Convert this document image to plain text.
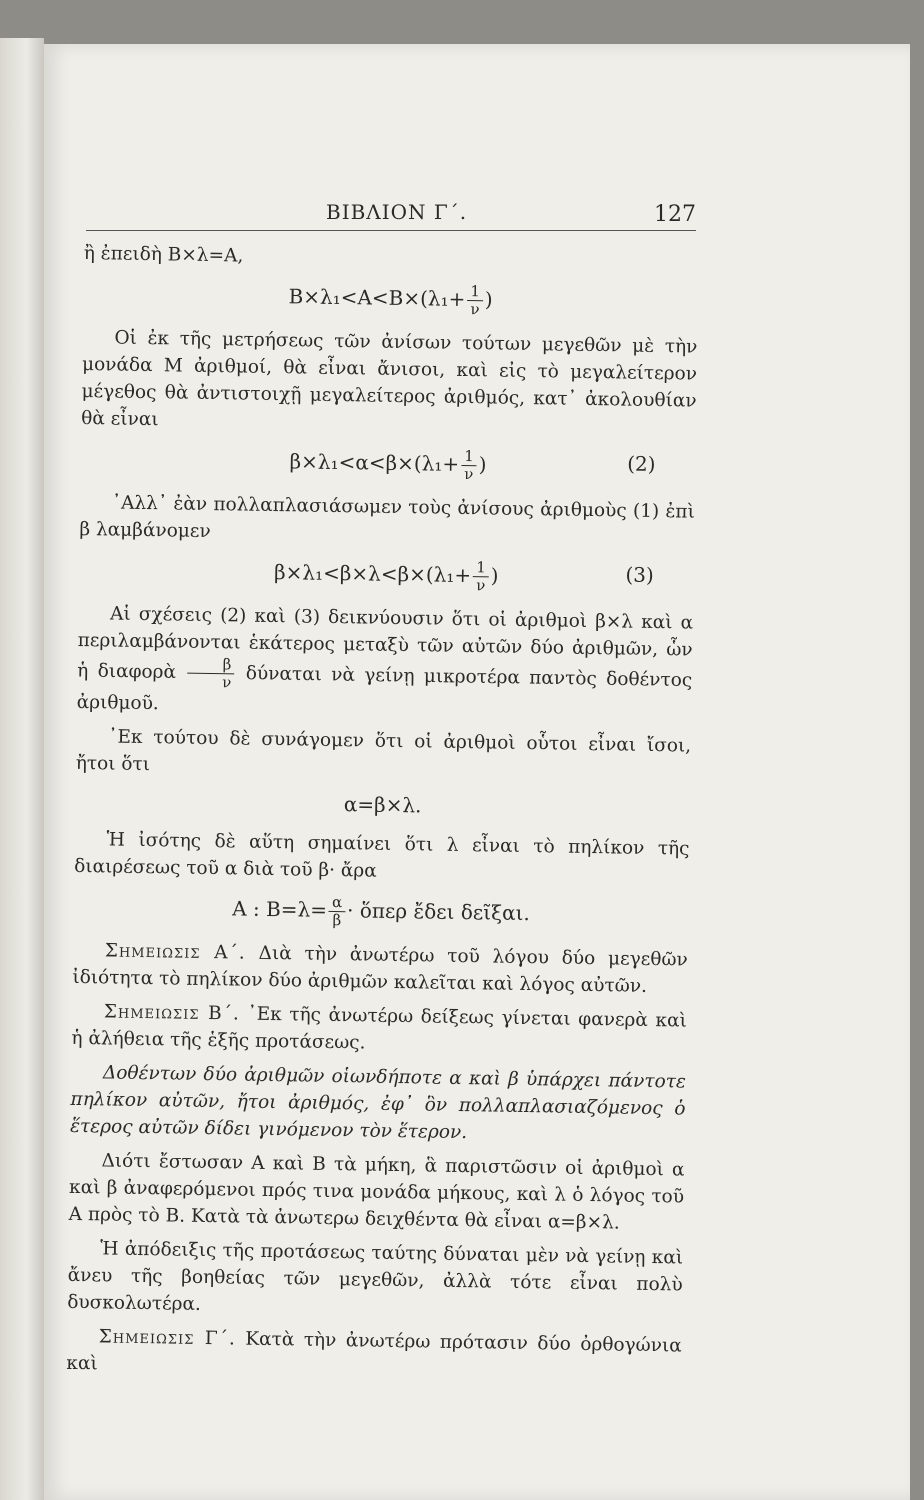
ΒΙΒΛΙΟΝ Γ΄.	127

ἢ ἐπειδὴ Β×λ=Α,

$B\times\lambda_1<A<B\times(\lambda_1+ \frac{1}{\nu}$ )

Οἱ ἐκ τῆς μετρήσεως τῶν ἀνίσων τούτων μεγεθῶν μὲ τὴν μονάδα Μ ἀριθμοί, θὰ εἶναι ἄνισοι, καὶ εἰς τὸ μεγαλείτερον μέγεθος θὰ ἀντιστοιχῇ μεγαλείτερος ἀριθμός, κατ᾽ ἀκολουθίαν θὰ εἶναι

$\beta\times\lambda_1<\alpha<\beta\times(\lambda_1+ \frac{1}{\nu}$ )	(2)

᾽Αλλ᾽ ἐὰν πολλαπλασιάσωμεν τοὺς ἀνίσους ἀριθμοὺς (1) ἐπὶ β λαμβάνομεν

$\beta\times\lambda_1<\beta\times\lambda<\beta\times(\lambda_1+ \frac{1}{\nu}$ )	(3)

Αἱ σχέσεις (2) καὶ (3) δεικνύουσιν ὅτι οἱ ἀριθμοὶ β×λ καὶ α περιλαμβάνονται ἑκάτερος μεταξὺ τῶν αὐτῶν δύο ἀριθμῶν, ὧν ἡ διαφορὰ $\frac{\beta}{\nu}$ δύναται νὰ γείνῃ μικροτέρα παντὸς δοθέντος ἀριθμοῦ.

᾽Εκ τούτου δὲ συνάγομεν ὅτι οἱ ἀριθμοὶ οὗτοι εἶναι ἴσοι, ἤτοι ὅτι

α=β×λ.

Ἡ ἰσότης δὲ αὕτη σημαίνει ὅτι λ εἶναι τὸ πηλίκον τῆς διαιρέσεως τοῦ α διὰ τοῦ β· ἄρα

Α : $B=\lambda= \frac{\alpha}{\beta}$ · ὅπερ ἔδει δεῖξαι.

Σημειωσις Α΄. Διὰ τὴν ἀνωτέρω τοῦ λόγου δύο μεγεθῶν ἰδιότητα τὸ πηλίκον δύο ἀριθμῶν καλεῖται καὶ λόγος αὐτῶν.

Σημειωσις Β΄. ᾽Εκ τῆς ἀνωτέρω δείξεως γίνεται φανερὰ καὶ ἡ ἀλήθεια τῆς ἑξῆς προτάσεως.

Δοθέντων δύο ἀριθμῶν οἱωνδήποτε α καὶ β ὑπάρχει πάντοτε πηλίκον αὐτῶν, ἤτοι ἀριθμός, ἐφ᾽ ὃν πολλαπλασιαζόμενος ὁ ἕτερος αὐτῶν δίδει γινόμενον τὸν ἕτερον.

Διότι ἔστωσαν Α καὶ Β τὰ μήκη, ἃ παριστῶσιν οἱ ἀριθμοὶ α καὶ β ἀναφερόμενοι πρός τινα μονάδα μήκους, καὶ λ ὁ λόγος τοῦ Α πρὸς τὸ Β. Κατὰ τὰ ἀνωτερω δειχθέντα θὰ εἶναι α=β×λ.

Ἡ ἀπόδειξις τῆς προτάσεως ταύτης δύναται μὲν νὰ γείνῃ καὶ ἄνευ τῆς βοηθείας τῶν μεγεθῶν, ἀλλὰ τότε εἶναι πολὺ δυσκολωτέρα.

Σημειωσις Γ΄. Κατὰ τὴν ἀνωτέρω πρότασιν δύο ὀρθογώνια καὶ
